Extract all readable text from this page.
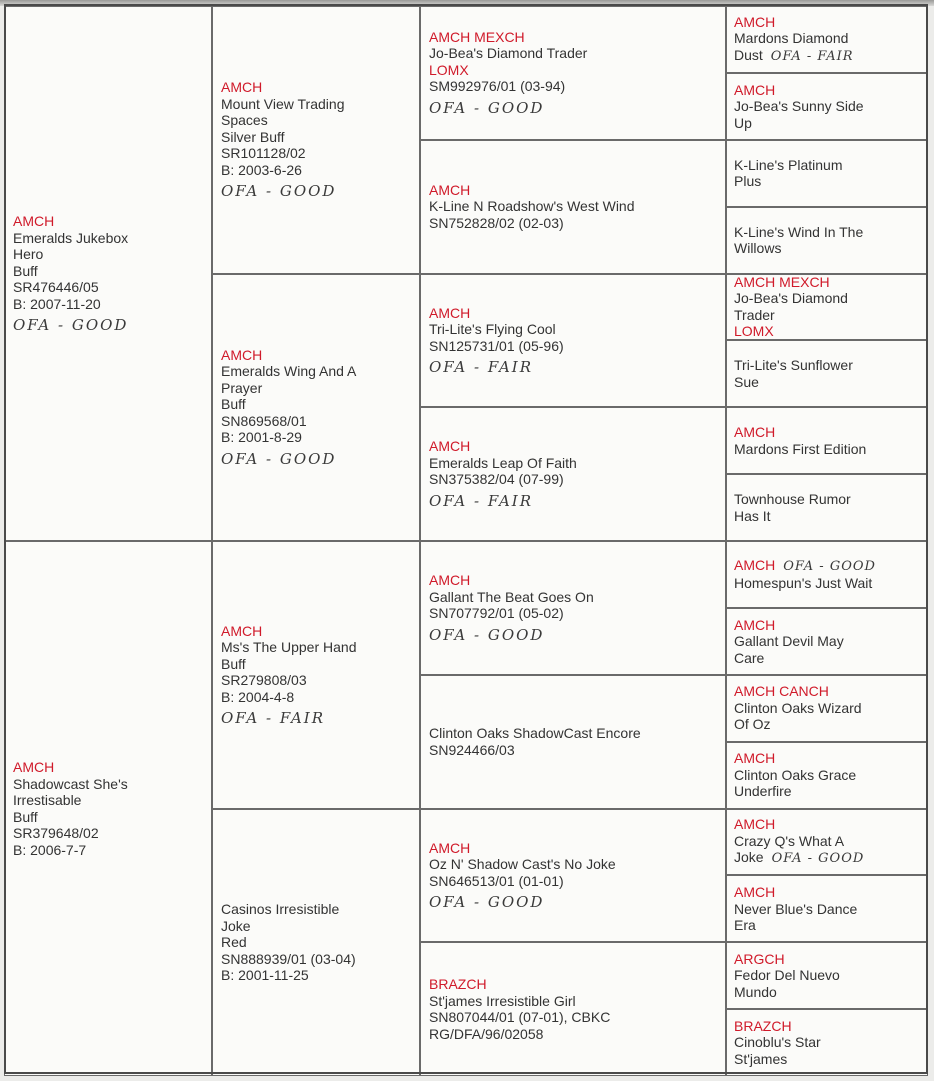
AMCH
Emeralds Jukebox
Hero
Buff
SR476446/05
B: 2007-11-20
OFA - GOOD
AMCH
Shadowcast She's
Irrestisable
Buff
SR379648/02
B: 2006-7-7
AMCH
Mount View Trading
Spaces
Silver Buff
SR101128/02
B: 2003-6-26
OFA - GOOD
AMCH
Emeralds Wing And A
Prayer
Buff
SN869568/01
B: 2001-8-29
OFA - GOOD
AMCH
Ms's The Upper Hand
Buff
SR279808/03
B: 2004-4-8
OFA - FAIR
Casinos Irresistible
Joke
Red
SN888939/01 (03-04)
B: 2001-11-25
AMCH MEXCH
Jo-Bea's Diamond Trader
LOMX
SM992976/01 (03-94)
OFA - GOOD
AMCH
K-Line N Roadshow's West Wind
SN752828/02 (02-03)
AMCH
Tri-Lite's Flying Cool
SN125731/01 (05-96)
OFA - FAIR
AMCH
Emeralds Leap Of Faith
SN375382/04 (07-99)
OFA - FAIR
AMCH
Gallant The Beat Goes On
SN707792/01 (05-02)
OFA - GOOD
Clinton Oaks ShadowCast Encore
SN924466/03
AMCH
Oz N' Shadow Cast's No Joke
SN646513/01 (01-01)
OFA - GOOD
BRAZCH
St'james Irresistible Girl
SN807044/01 (07-01), CBKC
RG/DFA/96/02058
AMCH
Mardons Diamond
Dust OFA - FAIR
AMCH
Jo-Bea's Sunny Side
Up
K-Line's Platinum
Plus
K-Line's Wind In The
Willows
AMCH MEXCH
Jo-Bea's Diamond
Trader
LOMX
Tri-Lite's Sunflower
Sue
AMCH
Mardons First Edition
Townhouse Rumor
Has It
AMCH OFA - GOOD
Homespun's Just Wait
AMCH
Gallant Devil May
Care
AMCH CANCH
Clinton Oaks Wizard
Of Oz
AMCH
Clinton Oaks Grace
Underfire
AMCH
Crazy Q's What A
Joke OFA - GOOD
AMCH
Never Blue's Dance
Era
ARGCH
Fedor Del Nuevo
Mundo
BRAZCH
Cinoblu's Star
St'james
